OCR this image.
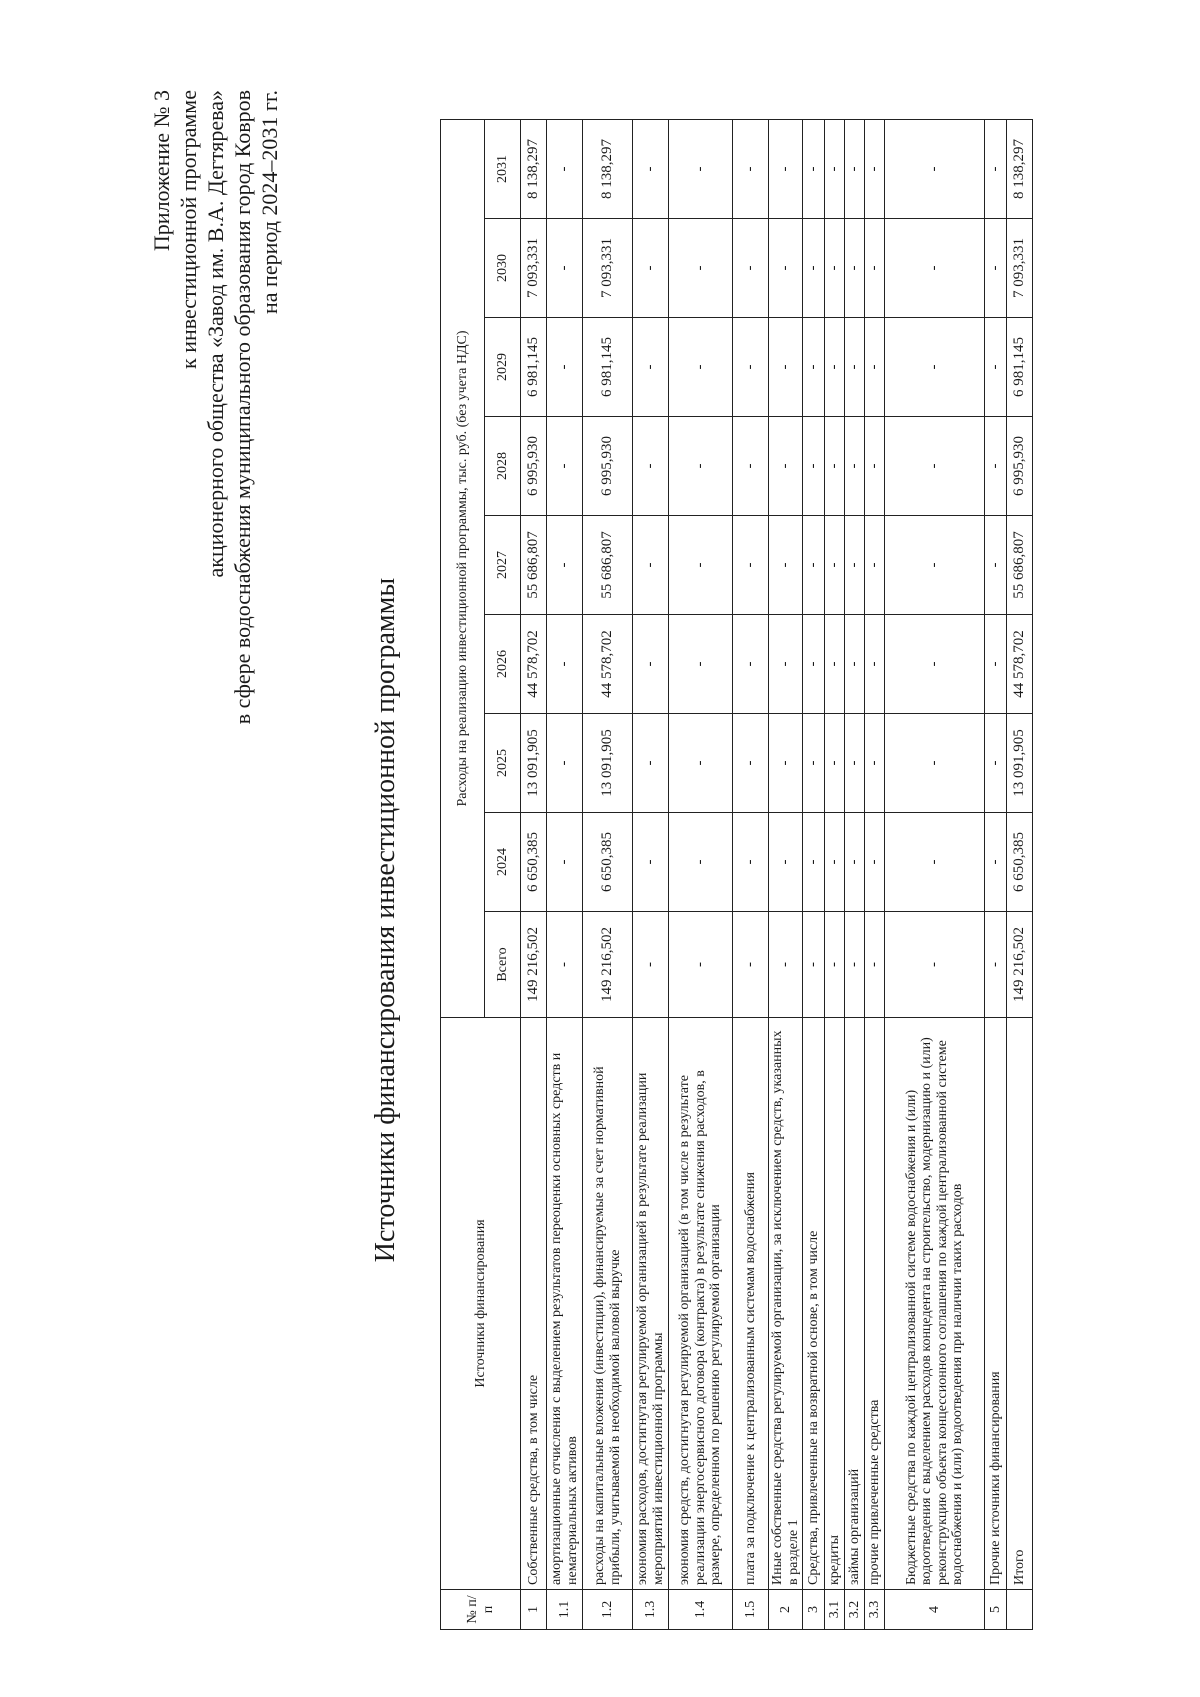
Приложение № 3 к инвестиционной программе акционерного общества «Завод им. В.А. Дегтярева» в сфере водоснабжения муниципального образования город Ковров на период 2024–2031 гг.
Источники финансирования инвестиционной программы
№ п/п	Источники финансирования	Расходы на реализацию инвестиционной программы, тыс. руб. (без учета НДС)								
		Всего	2024	2025	2026	2027	2028	2029	2030	2031
1	Собственные средства, в том числе	149 216,502	6 650,385	13 091,905	44 578,702	55 686,807	6 995,930	6 981,145	7 093,331	8 138,297
1.1	амортизационные отчисления с выделением результатов переоценки основных средств и нематериальных активов	-	-	-	-	-	-	-	-	-
1.2	расходы на капитальные вложения (инвестиции), финансируемые за счет нормативной прибыли, учитываемой в необходимой валовой выручке	149 216,502	6 650,385	13 091,905	44 578,702	55 686,807	6 995,930	6 981,145	7 093,331	8 138,297
1.3	экономия расходов, достигнутая регулируемой организацией в результате реализации мероприятий инвестиционной программы	-	-	-	-	-	-	-	-	-
1.4	экономия средств, достигнутая регулируемой организацией (в том числе в результате реализации энергосервисного договора (контракта) в результате снижения расходов, в размере, определенном по решению регулируемой организации	-	-	-	-	-	-	-	-	-
1.5	плата за подключение к централизованным системам водоснабжения	-	-	-	-	-	-	-	-	-
2	Иные собственные средства регулируемой организации, за исключением средств, указанных в разделе 1	-	-	-	-	-	-	-	-	-
3	Средства, привлеченные на возвратной основе, в том числе	-	-	-	-	-	-	-	-	-
3.1	кредиты	-	-	-	-	-	-	-	-	-
3.2	займы организаций	-	-	-	-	-	-	-	-	-
3.3	прочие привлеченные средства	-	-	-	-	-	-	-	-	-
4	Бюджетные средства по каждой централизованной системе водоснабжения и (или) водоотведения с выделением расходов концедента на строительство, модернизацию и (или) реконструкцию объекта концессионного соглашения по каждой централизованной системе водоснабжения и (или) водоотведения при наличии таких расходов	-	-	-	-	-	-	-	-	-
5	Прочие источники финансирования	-	-	-	-	-	-	-	-	-
	Итого	149 216,502	6 650,385	13 091,905	44 578,702	55 686,807	6 995,930	6 981,145	7 093,331	8 138,297
